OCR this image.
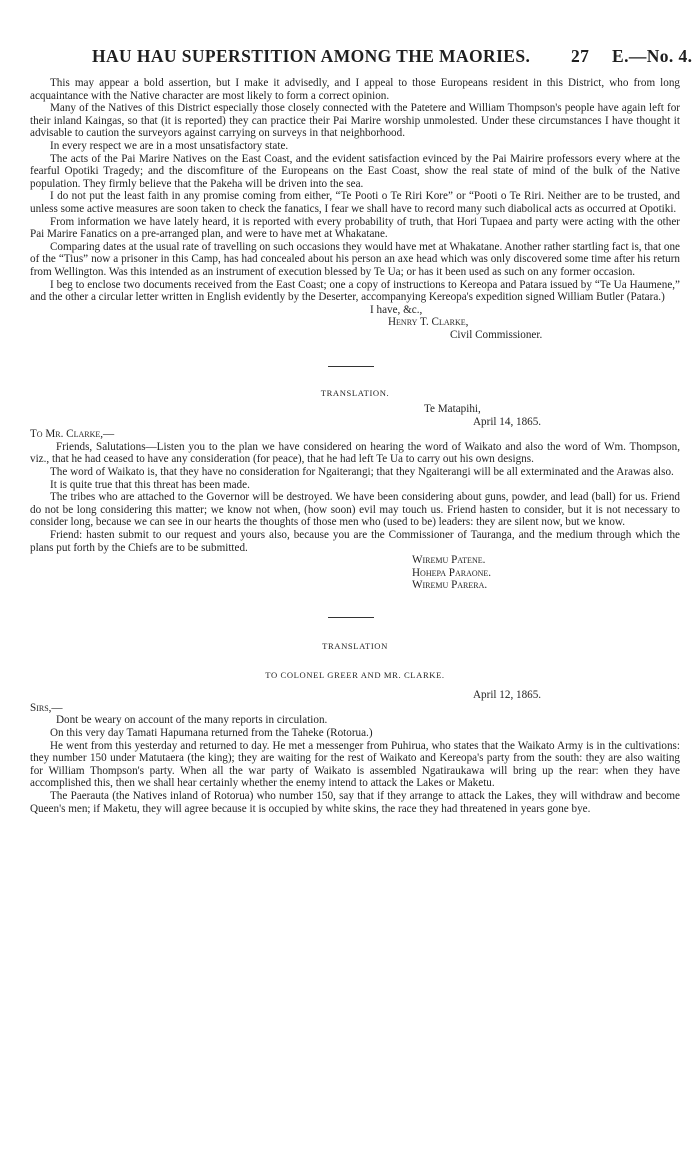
HAU HAU SUPERSTITION AMONG THE MAORIES. 27 E.—No. 4.

This may appear a bold assertion, but I make it advisedly, and I appeal to those Europeans resident in this District, who from long acquaintance with the Native character are most likely to form a correct opinion.

Many of the Natives of this District especially those closely connected with the Patetere and William Thompson's people have again left for their inland Kaingas, so that (it is reported) they can practice their Pai Marire worship unmolested. Under these circumstances I have thought it advisable to caution the surveyors against carrying on surveys in that neighborhood.

In every respect we are in a most unsatisfactory state.

The acts of the Pai Marire Natives on the East Coast, and the evident satisfaction evinced by the Pai Mairire professors every where at the fearful Opotiki Tragedy; and the discomfiture of the Europeans on the East Coast, show the real state of mind of the bulk of the Native population. They firmly believe that the Pakeha will be driven into the sea.

I do not put the least faith in any promise coming from either, “Te Pooti o Te Riri Kore” or “Pooti o Te Riri. Neither are to be trusted, and unless some active measures are soon taken to check the fanatics, I fear we shall have to record many such diabolical acts as occurred at Opotiki.

From information we have lately heard, it is reported with every probability of truth, that Hori Tupaea and party were acting with the other Pai Marire Fanatics on a pre-arranged plan, and were to have met at Whakatane.

Comparing dates at the usual rate of travelling on such occasions they would have met at Whakatane. Another rather startling fact is, that one of the “Tius” now a prisoner in this Camp, has had concealed about his person an axe head which was only discovered some time after his return from Wellington. Was this intended as an instrument of execution blessed by Te Ua; or has it been used as such on any former occasion.

I beg to enclose two documents received from the East Coast; one a copy of instructions to Kereopa and Patara issued by “Te Ua Haumene,” and the other a circular letter written in English evidently by the Deserter, accompanying Kereopa's expedition signed William Butler (Patara.)

I have, &c.,

Henry T. Clarke,

Civil Commissioner.

TRANSLATION.

Te Matapihi,

April 14, 1865.

To Mr. Clarke,—

Friends, Salutations—Listen you to the plan we have considered on hearing the word of Waikato and also the word of Wm. Thompson, viz., that he had ceased to have any consideration (for peace), that he had left Te Ua to carry out his own designs.

The word of Waikato is, that they have no consideration for Ngaiterangi; that they Ngaiterangi will be all exterminated and the Arawas also.

It is quite true that this threat has been made.

The tribes who are attached to the Governor will be destroyed. We have been considering about guns, powder, and lead (ball) for us. Friend do not be long considering this matter; we know not when, (how soon) evil may touch us. Friend hasten to consider, but it is not necessary to consider long, because we can see in our hearts the thoughts of those men who (used to be) leaders: they are silent now, but we know.

Friend: hasten submit to our request and yours also, because you are the Commissioner of Tauranga, and the medium through which the plans put forth by the Chiefs are to be submitted.

Wiremu Patene.

Hohepa Paraone.

Wiremu Parera.

TRANSLATION

TO COLONEL GREER AND MR. CLARKE.

April 12, 1865.

Sirs,—

Dont be weary on account of the many reports in circulation.

On this very day Tamati Hapumana returned from the Taheke (Rotorua.)

He went from this yesterday and returned to day. He met a messenger from Puhirua, who states that the Waikato Army is in the cultivations: they number 150 under Matutaera (the king); they are waiting for the rest of Waikato and Kereopa's party from the south: they are also waiting for William Thompson's party. When all the war party of Waikato is assembled Ngatiraukawa will bring up the rear: when they have accomplished this, then we shall hear certainly whether the enemy intend to attack the Lakes or Maketu.

The Paerauta (the Natives inland of Rotorua) who number 150, say that if they arrange to attack the Lakes, they will withdraw and become Queen's men; if Maketu, they will agree because it is occupied by white skins, the race they had threatened in years gone bye.
